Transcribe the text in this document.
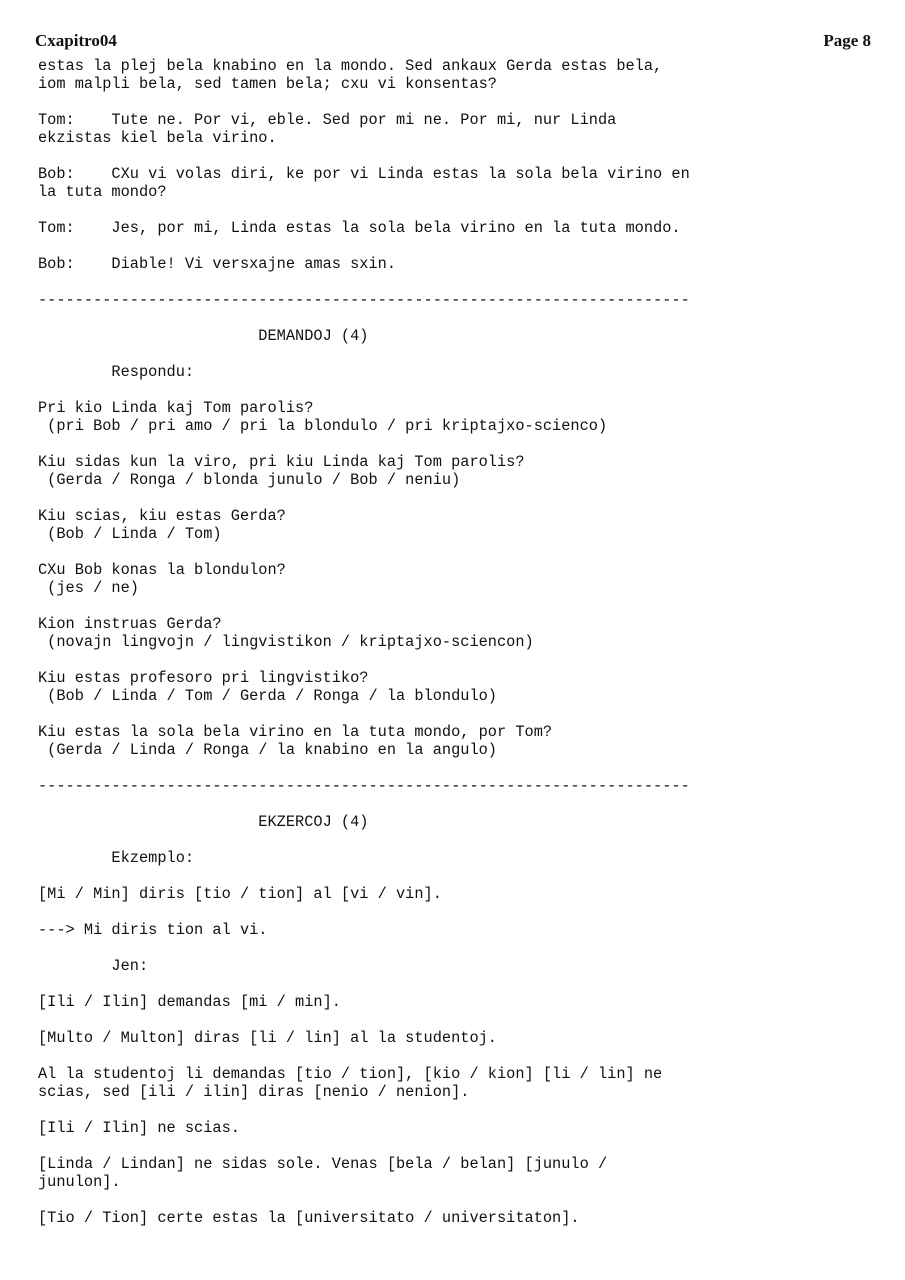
Cxapitro04	Page 8
estas la plej bela knabino en la mondo. Sed ankaux Gerda estas bela,
iom malpli bela, sed tamen bela; cxu vi konsentas?
Tom:    Tute ne. Por vi, eble. Sed por mi ne. Por mi, nur Linda
ekzistas kiel bela virino.
Bob:    CXu vi volas diri, ke por vi Linda estas la sola bela virino en
la tuta mondo?
Tom:    Jes, por mi, Linda estas la sola bela virino en la tuta mondo.
Bob:    Diable! Vi versxajne amas sxin.
-----------------------------------------------------------------------
DEMANDOJ (4)
Respondu:
Pri kio Linda kaj Tom parolis?
(pri Bob / pri amo / pri la blondulo / pri kriptajxo-scienco)
Kiu sidas kun la viro, pri kiu Linda kaj Tom parolis?
(Gerda / Ronga / blonda junulo / Bob / neniu)
Kiu scias, kiu estas Gerda?
(Bob / Linda / Tom)
CXu Bob konas la blondulon?
(jes / ne)
Kion instruas Gerda?
(novajn lingvojn / lingvistikon / kriptajxo-sciencon)
Kiu estas profesoro pri lingvistiko?
(Bob / Linda / Tom / Gerda / Ronga / la blondulo)
Kiu estas la sola bela virino en la tuta mondo, por Tom?
(Gerda / Linda / Ronga / la knabino en la angulo)
-----------------------------------------------------------------------
EKZERCOJ (4)
Ekzemplo:
[Mi / Min] diris [tio / tion] al [vi / vin].
---> Mi diris tion al vi.
Jen:
[Ili / Ilin] demandas [mi / min].
[Multo / Multon] diras [li / lin] al la studentoj.
Al la studentoj li demandas [tio / tion], [kio / kion] [li / lin] ne
scias, sed [ili / ilin] diras [nenio / nenion].
[Ili / Ilin] ne scias.
[Linda / Lindan] ne sidas sole. Venas [bela / belan] [junulo /
junulon].
[Tio / Tion] certe estas la [universitato / universitaton].
